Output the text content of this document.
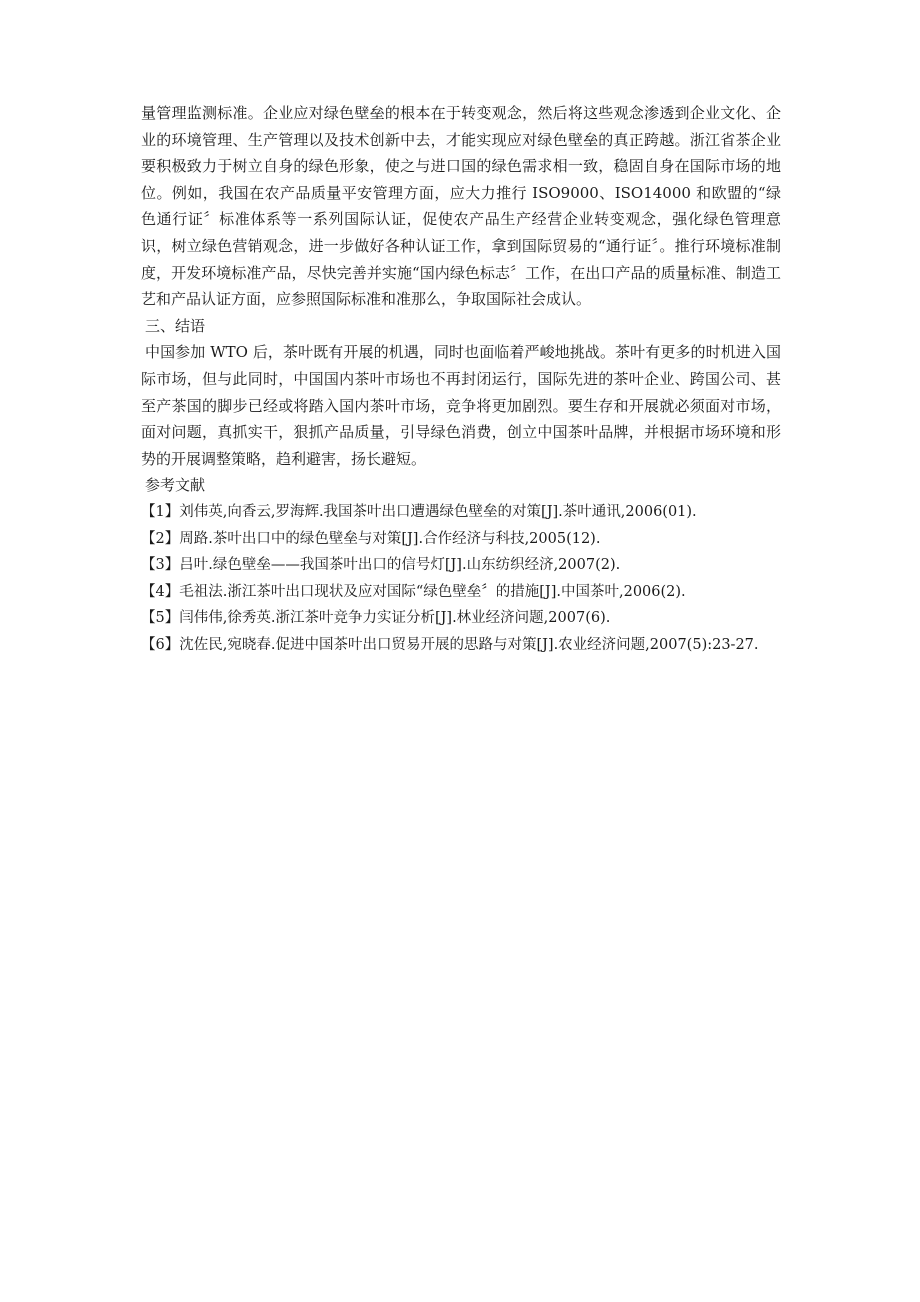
量管理监测标准。企业应对绿色壁垒的根本在于转变观念，然后将这些观念渗透到企业文化、企业的环境管理、生产管理以及技术创新中去，才能实现应对绿色壁垒的真正跨越。浙江省茶企业要积极致力于树立自身的绿色形象，使之与进口国的绿色需求相一致，稳固自身在国际市场的地位。例如，我国在农产品质量平安管理方面，应大力推行 ISO9000、ISO14000 和欧盟的“绿色通行证〞标准体系等一系列国际认证，促使农产品生产经营企业转变观念，强化绿色管理意识，树立绿色营销观念，进一步做好各种认证工作，拿到国际贸易的“通行证〞。推行环境标准制度，开发环境标准产品，尽快完善并实施“国内绿色标志〞工作，在出口产品的质量标准、制造工艺和产品认证方面，应参照国际标准和准那么，争取国际社会成认。

三、结语

中国参加 WTO 后，茶叶既有开展的机遇，同时也面临着严峻地挑战。茶叶有更多的时机进入国际市场，但与此同时，中国国内茶叶市场也不再封闭运行，国际先进的茶叶企业、跨国公司、甚至产茶国的脚步已经或将踏入国内茶叶市场，竞争将更加剧烈。要生存和开展就必须面对市场，面对问题，真抓实干，狠抓产品质量，引导绿色消费，创立中国茶叶品牌，并根据市场环境和形势的开展调整策略，趋利避害，扬长避短。

参考文献

【1】刘伟英,向香云,罗海辉.我国茶叶出口遭遇绿色壁垒的对策[J].茶叶通讯,2006(01).
【2】周路.茶叶出口中的绿色壁垒与对策[J].合作经济与科技,2005(12).
【3】吕叶.绿色壁垒——我国茶叶出口的信号灯[J].山东纺织经济,2007(2).
【4】毛祖法.浙江茶叶出口现状及应对国际“绿色壁垒〞的措施[J].中国茶叶,2006(2).
【5】闫伟伟,徐秀英.浙江茶叶竞争力实证分析[J].林业经济问题,2007(6).
【6】沈佐民,宛晓春.促进中国茶叶出口贸易开展的思路与对策[J].农业经济问题,2007(5):23-27.
